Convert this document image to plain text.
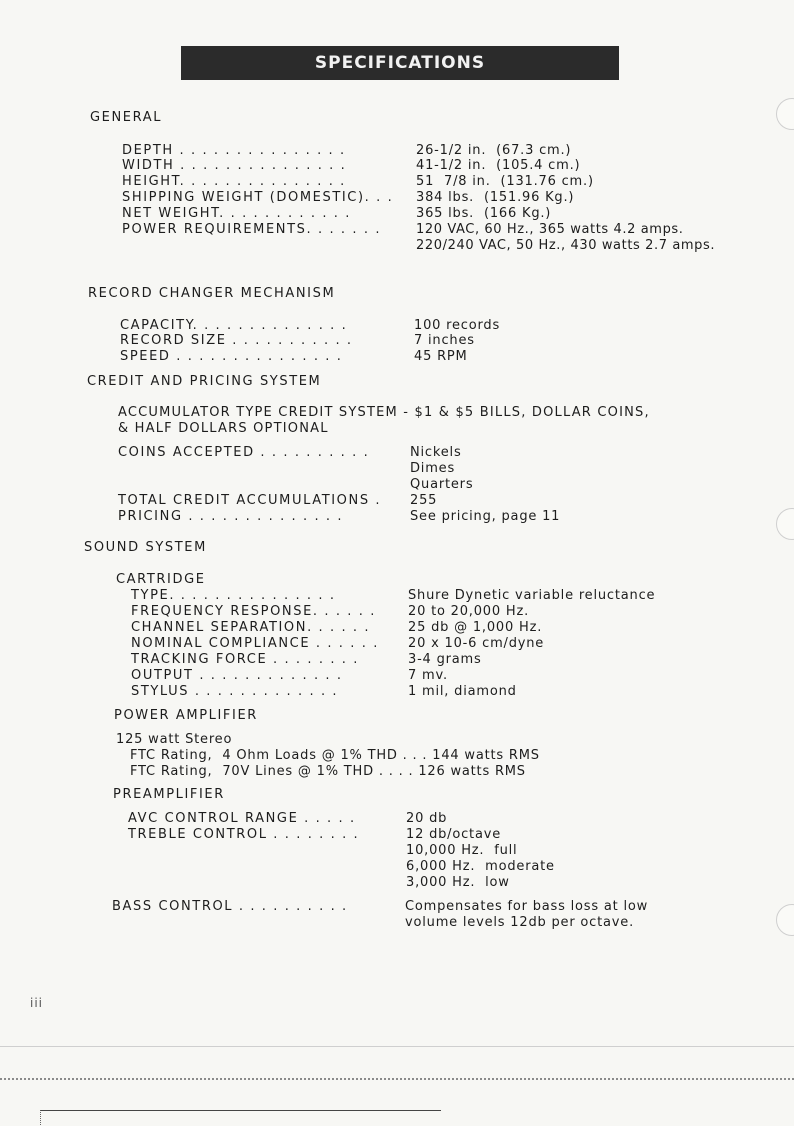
SPECIFICATIONS
GENERAL
DEPTH . . . . . . . . . . . . . . .	26-1/2 in.  (67.3 cm.)
WIDTH . . . . . . . . . . . . . . .	41-1/2 in.  (105.4 cm.)
HEIGHT. . . . . . . . . . . . . . .	51  7/8 in.  (131.76 cm.)
SHIPPING WEIGHT (DOMESTIC). . . 384 lbs.  (151.96 Kg.)
NET WEIGHT. . . . . . . . . . . .	365 lbs.  (166 Kg.)
POWER REQUIREMENTS. . . . . . .	120 VAC, 60 Hz., 365 watts 4.2 amps.
220/240 VAC, 50 Hz., 430 watts 2.7 amps.
RECORD CHANGER MECHANISM
CAPACITY. . . . . . . . . . . . . .	100 records
RECORD SIZE . . . . . . . . . . .	7 inches
SPEED . . . . . . . . . . . . . . .	45 RPM
CREDIT AND PRICING SYSTEM
ACCUMULATOR TYPE CREDIT SYSTEM - $1 & $5 BILLS, DOLLAR COINS,
& HALF DOLLARS OPTIONAL
COINS ACCEPTED . . . . . . . . . .	Nickels
Dimes
Quarters
TOTAL CREDIT ACCUMULATIONS . 255
PRICING . . . . . . . . . . . . . .	See pricing, page 11
SOUND SYSTEM
CARTRIDGE
TYPE. . . . . . . . . . . . . . .	Shure Dynetic variable reluctance
FREQUENCY RESPONSE. . . . . . 20 to 20,000 Hz.
CHANNEL SEPARATION. . . . . .	25 db @ 1,000 Hz.
NOMINAL COMPLIANCE . . . . . . 20 x 10-6 cm/dyne
TRACKING FORCE . . . . . . . .	3-4 grams
OUTPUT . . . . . . . . . . . . .	7 mv.
STYLUS . . . . . . . . . . . . .	1 mil, diamond
POWER AMPLIFIER
125 watt Stereo
FTC Rating,  4 Ohm Loads @ 1% THD . . . 144 watts RMS
FTC Rating,  70V Lines @ 1% THD . . . . 126 watts RMS
PREAMPLIFIER
AVC CONTROL RANGE . . . . .	20 db
TREBLE CONTROL . . . . . . . .	12 db/octave
10,000 Hz.  full
6,000 Hz.  moderate
3,000 Hz.  low
BASS CONTROL . . . . . . . . . .	Compensates for bass loss at low
volume levels 12db per octave.
iii
